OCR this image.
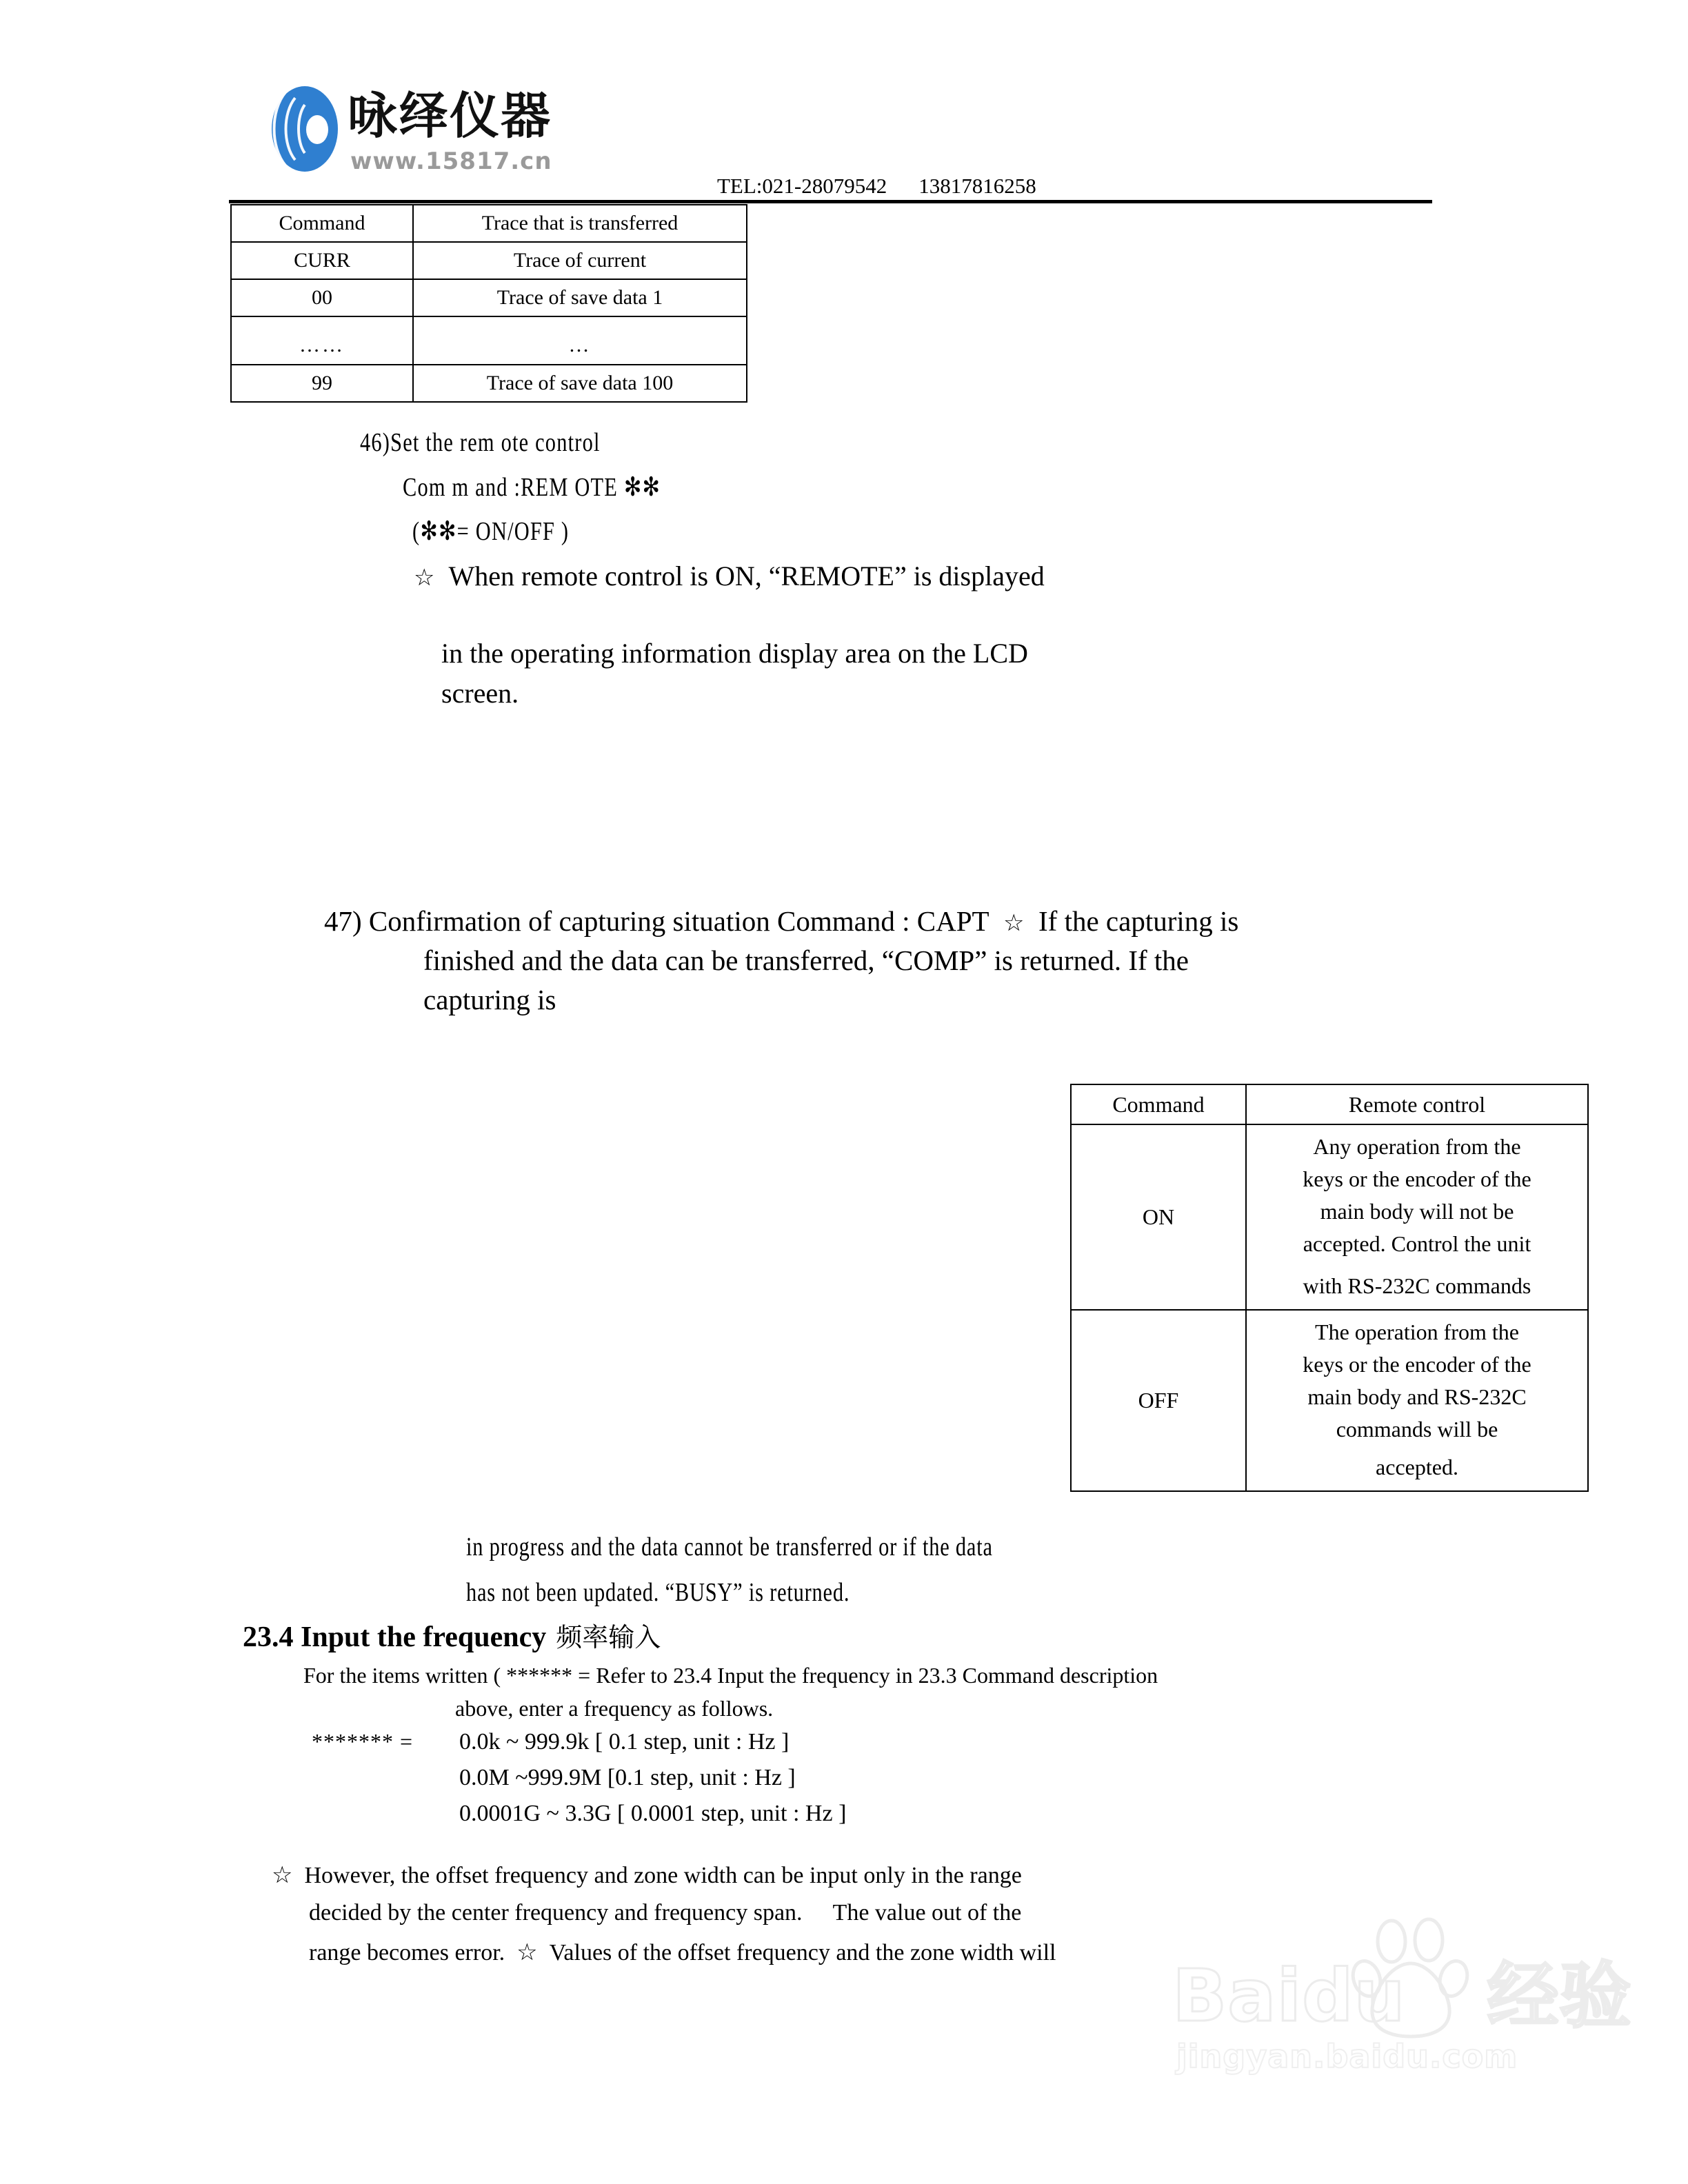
咏绎仪器
www.15817.cn
TEL:021-28079542 13817816258
Command	Trace that is transferred
CURR	Trace of current
00	Trace of save data 1
……	…
99	Trace of save data 100
46)Set the rem ote control
Com m and :REM OTE ✻✻
(✻✻= ON/OFF )
☆ When remote control is ON, “REMOTE” is displayed
in the operating information display area on the LCD
screen.
47) Confirmation of capturing situation Command : CAPT ☆ If the capturing is
finished and the data can be transferred, “COMP” is returned. If the
capturing is
Command	Remote control
ON	Any operation from the
keys or the encoder of the
main body will not be
accepted. Control the unit
with RS-232C commands

OFF	The operation from the
keys or the encoder of the
main body and RS-232C
commands will be
accepted.
in progress and the data cannot be transferred or if the data
has not been updated. “BUSY” is returned.
23.4 Input the frequency 频率输入
For the items written ( ****** = Refer to 23.4 Input the frequency in 23.3 Command description
above, enter a frequency as follows.
******* = 0.0k ~ 999.9k [ 0.1 step, unit : Hz ]
0.0M ~999.9M [0.1 step, unit : Hz ]
0.0001G ~ 3.3G [ 0.0001 step, unit : Hz ]
☆ However, the offset frequency and zone width can be input only in the range
decided by the center frequency and frequency span. The value out of the
range becomes error. ☆ Values of the offset frequency and the zone width will
Baidu 经验
jingyan.baidu.com
